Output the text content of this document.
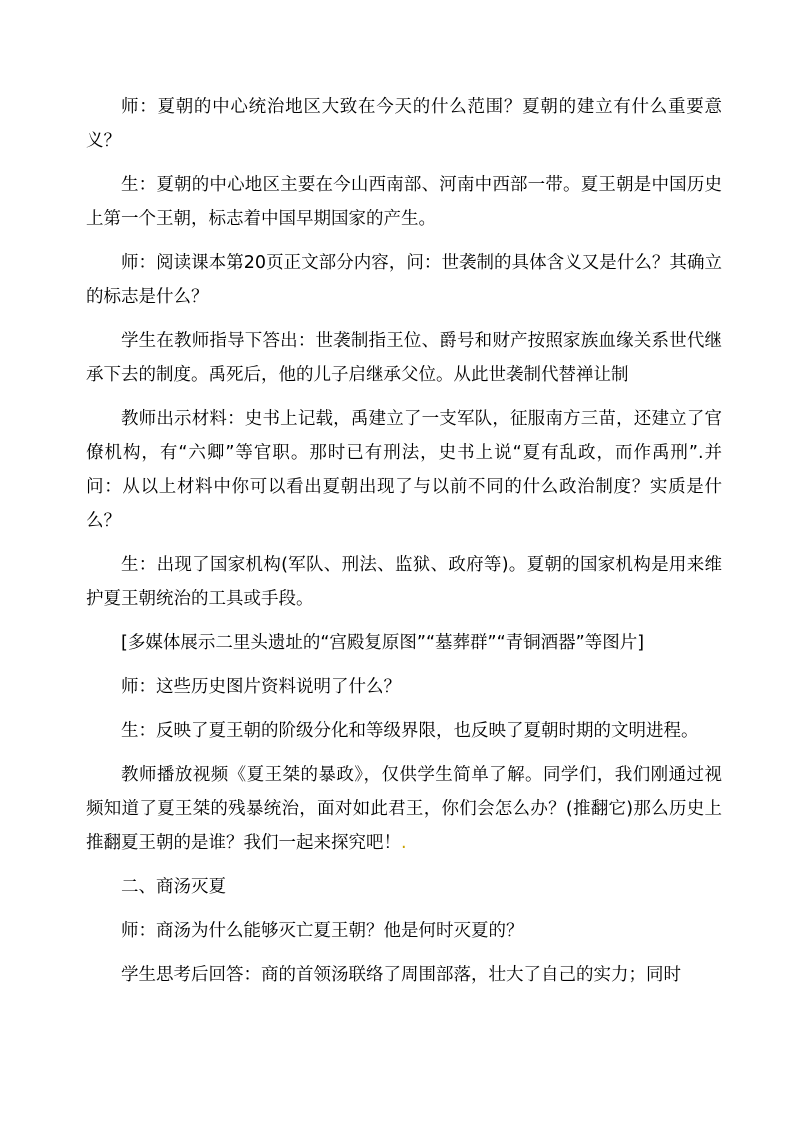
师：夏朝的中心统治地区大致在今天的什么范围？夏朝的建立有什么重要意义？

生：夏朝的中心地区主要在今山西南部、河南中西部一带。夏王朝是中国历史上第一个王朝，标志着中国早期国家的产生。

师：阅读课本第20页正文部分内容，问：世袭制的具体含义又是什么？其确立的标志是什么？

学生在教师指导下答出：世袭制指王位、爵号和财产按照家族血缘关系世代继承下去的制度。禹死后，他的儿子启继承父位。从此世袭制代替禅让制

教师出示材料：史书上记载，禹建立了一支军队，征服南方三苗，还建立了官僚机构，有“六卿”等官职。那时已有刑法，史书上说“夏有乱政，而作禹刑”.并问：从以上材料中你可以看出夏朝出现了与以前不同的什么政治制度？实质是什么？

生：出现了国家机构(军队、刑法、监狱、政府等)。夏朝的国家机构是用来维护夏王朝统治的工具或手段。

[多媒体展示二里头遗址的“宫殿复原图”“墓葬群”“青铜酒器”等图片]

师：这些历史图片资料说明了什么？

生：反映了夏王朝的阶级分化和等级界限，也反映了夏朝时期的文明进程。

教师播放视频《夏王桀的暴政》，仅供学生简单了解。同学们，我们刚通过视频知道了夏王桀的残暴统治，面对如此君王，你们会怎么办？(推翻它)那么历史上推翻夏王朝的是谁？我们一起来探究吧！.

二、商汤灭夏

师：商汤为什么能够灭亡夏王朝？他是何时灭夏的？

学生思考后回答：商的首领汤联络了周围部落，壮大了自己的实力；同时
